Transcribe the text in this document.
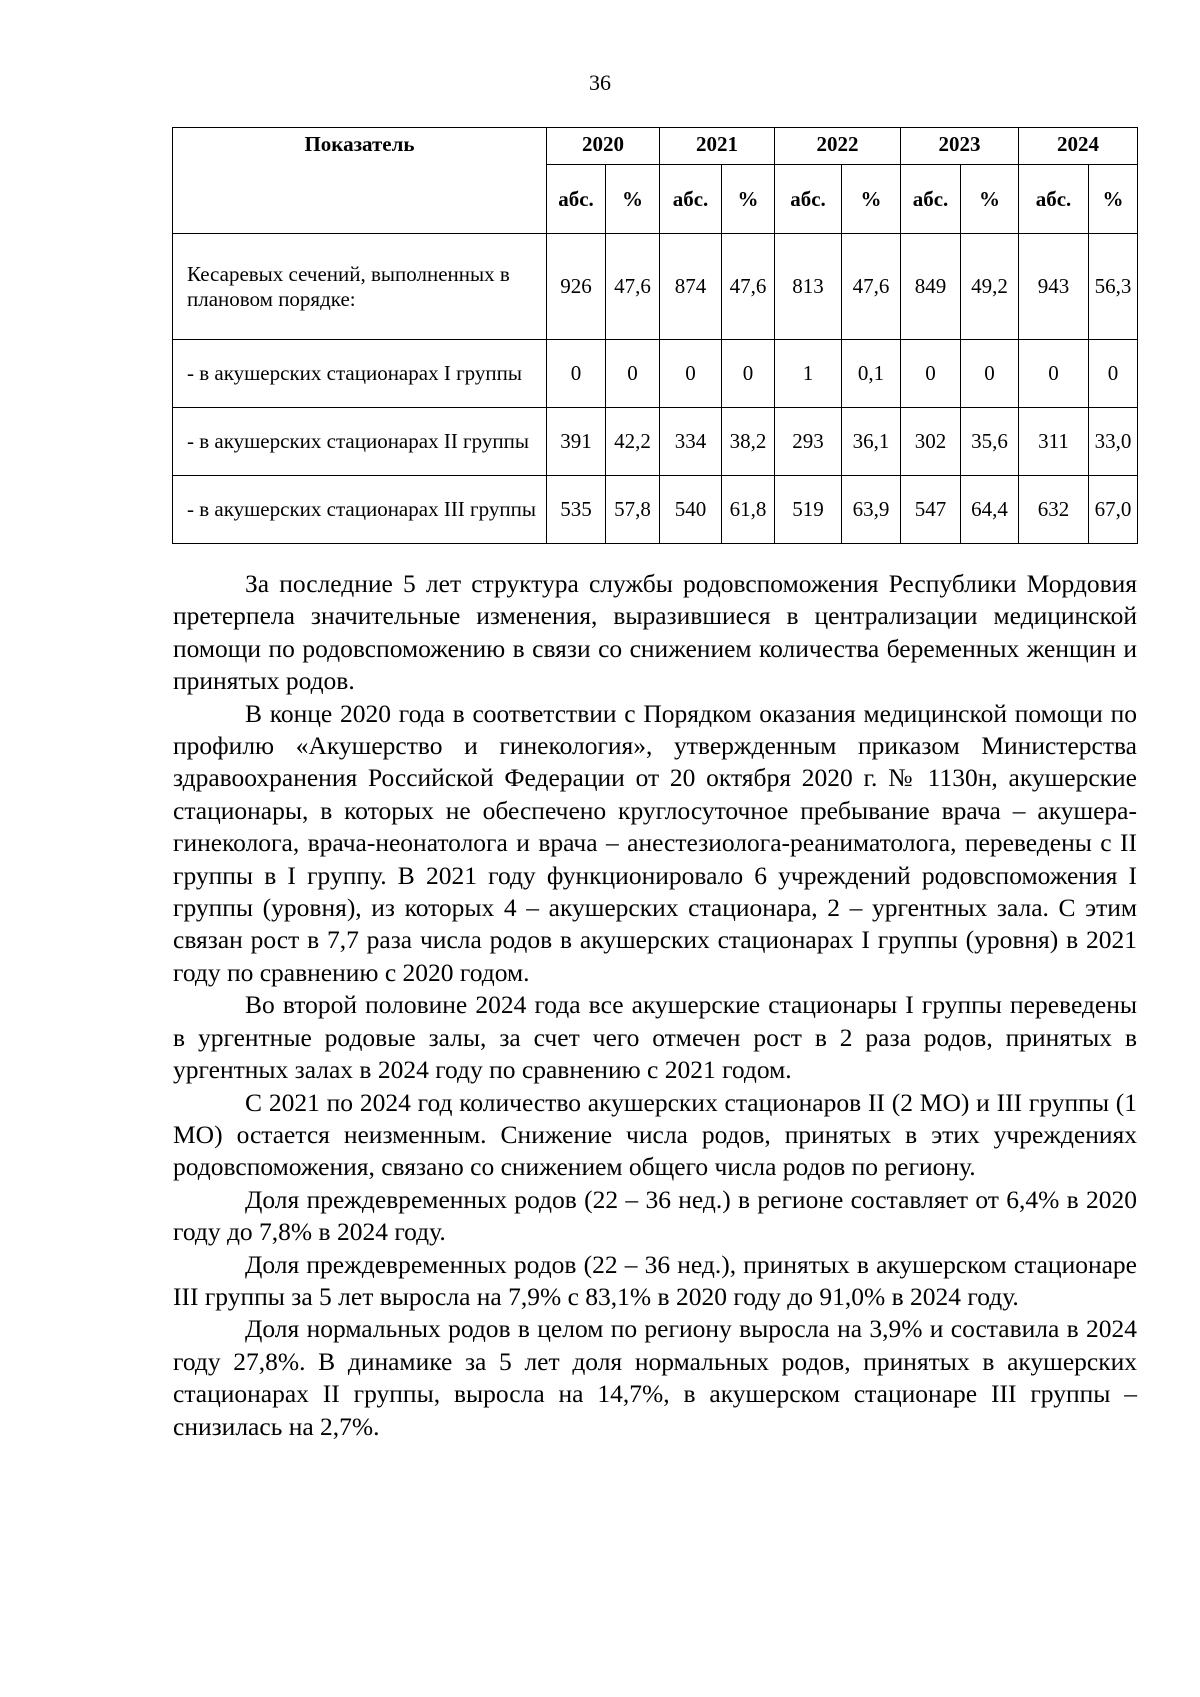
36
Показатель	2020		2021		2022		2023		2024	
	абс.	%	абс.	%	абс.	%	абс.	%	абс.	%
Кесаревых сечений, выполненных в плановом порядке:	926	47,6	874	47,6	813	47,6	849	49,2	943	56,3
- в акушерских стационарах I группы	0	0	0	0	1	0,1	0	0	0	0
- в акушерских стационарах II группы	391	42,2	334	38,2	293	36,1	302	35,6	311	33,0
- в акушерских стационарах III группы	535	57,8	540	61,8	519	63,9	547	64,4	632	67,0

За последние 5 лет структура службы родовспоможения Республики Мордовия претерпела значительные изменения, выразившиеся в централизации медицинской помощи по родовспоможению в связи со снижением количества беременных женщин и принятых родов.

В конце 2020 года в соответствии с Порядком оказания медицинской помощи по профилю «Акушерство и гинекология», утвержденным приказом Министерства здравоохранения Российской Федерации от 20 октября 2020 г. № 1130н, акушерские стационары, в которых не обеспечено круглосуточное пребывание врача – акушера-гинеколога, врача-неонатолога и врача – анестезиолога-реаниматолога, переведены с II группы в I группу. В 2021 году функционировало 6 учреждений родовспоможения I группы (уровня), из которых 4 – акушерских стационара, 2 – ургентных зала. С этим связан рост в 7,7 раза числа родов в акушерских стационарах I группы (уровня) в 2021 году по сравнению с 2020 годом.

Во второй половине 2024 года все акушерские стационары I группы переведены в ургентные родовые залы, за счет чего отмечен рост в 2 раза родов, принятых в ургентных залах в 2024 году по сравнению с 2021 годом.

С 2021 по 2024 год количество акушерских стационаров II (2 МО) и III группы (1 МО) остается неизменным. Снижение числа родов, принятых в этих учреждениях родовспоможения, связано со снижением общего числа родов по региону.

Доля преждевременных родов (22 – 36 нед.) в регионе составляет от 6,4% в 2020 году до 7,8% в 2024 году.

Доля преждевременных родов (22 – 36 нед.), принятых в акушерском стационаре III группы за 5 лет выросла на 7,9% с 83,1% в 2020 году до 91,0% в 2024 году.

Доля нормальных родов в целом по региону выросла на 3,9% и составила в 2024 году 27,8%. В динамике за 5 лет доля нормальных родов, принятых в акушерских стационарах II группы, выросла на 14,7%, в акушерском стационаре III группы – снизилась на 2,7%.
